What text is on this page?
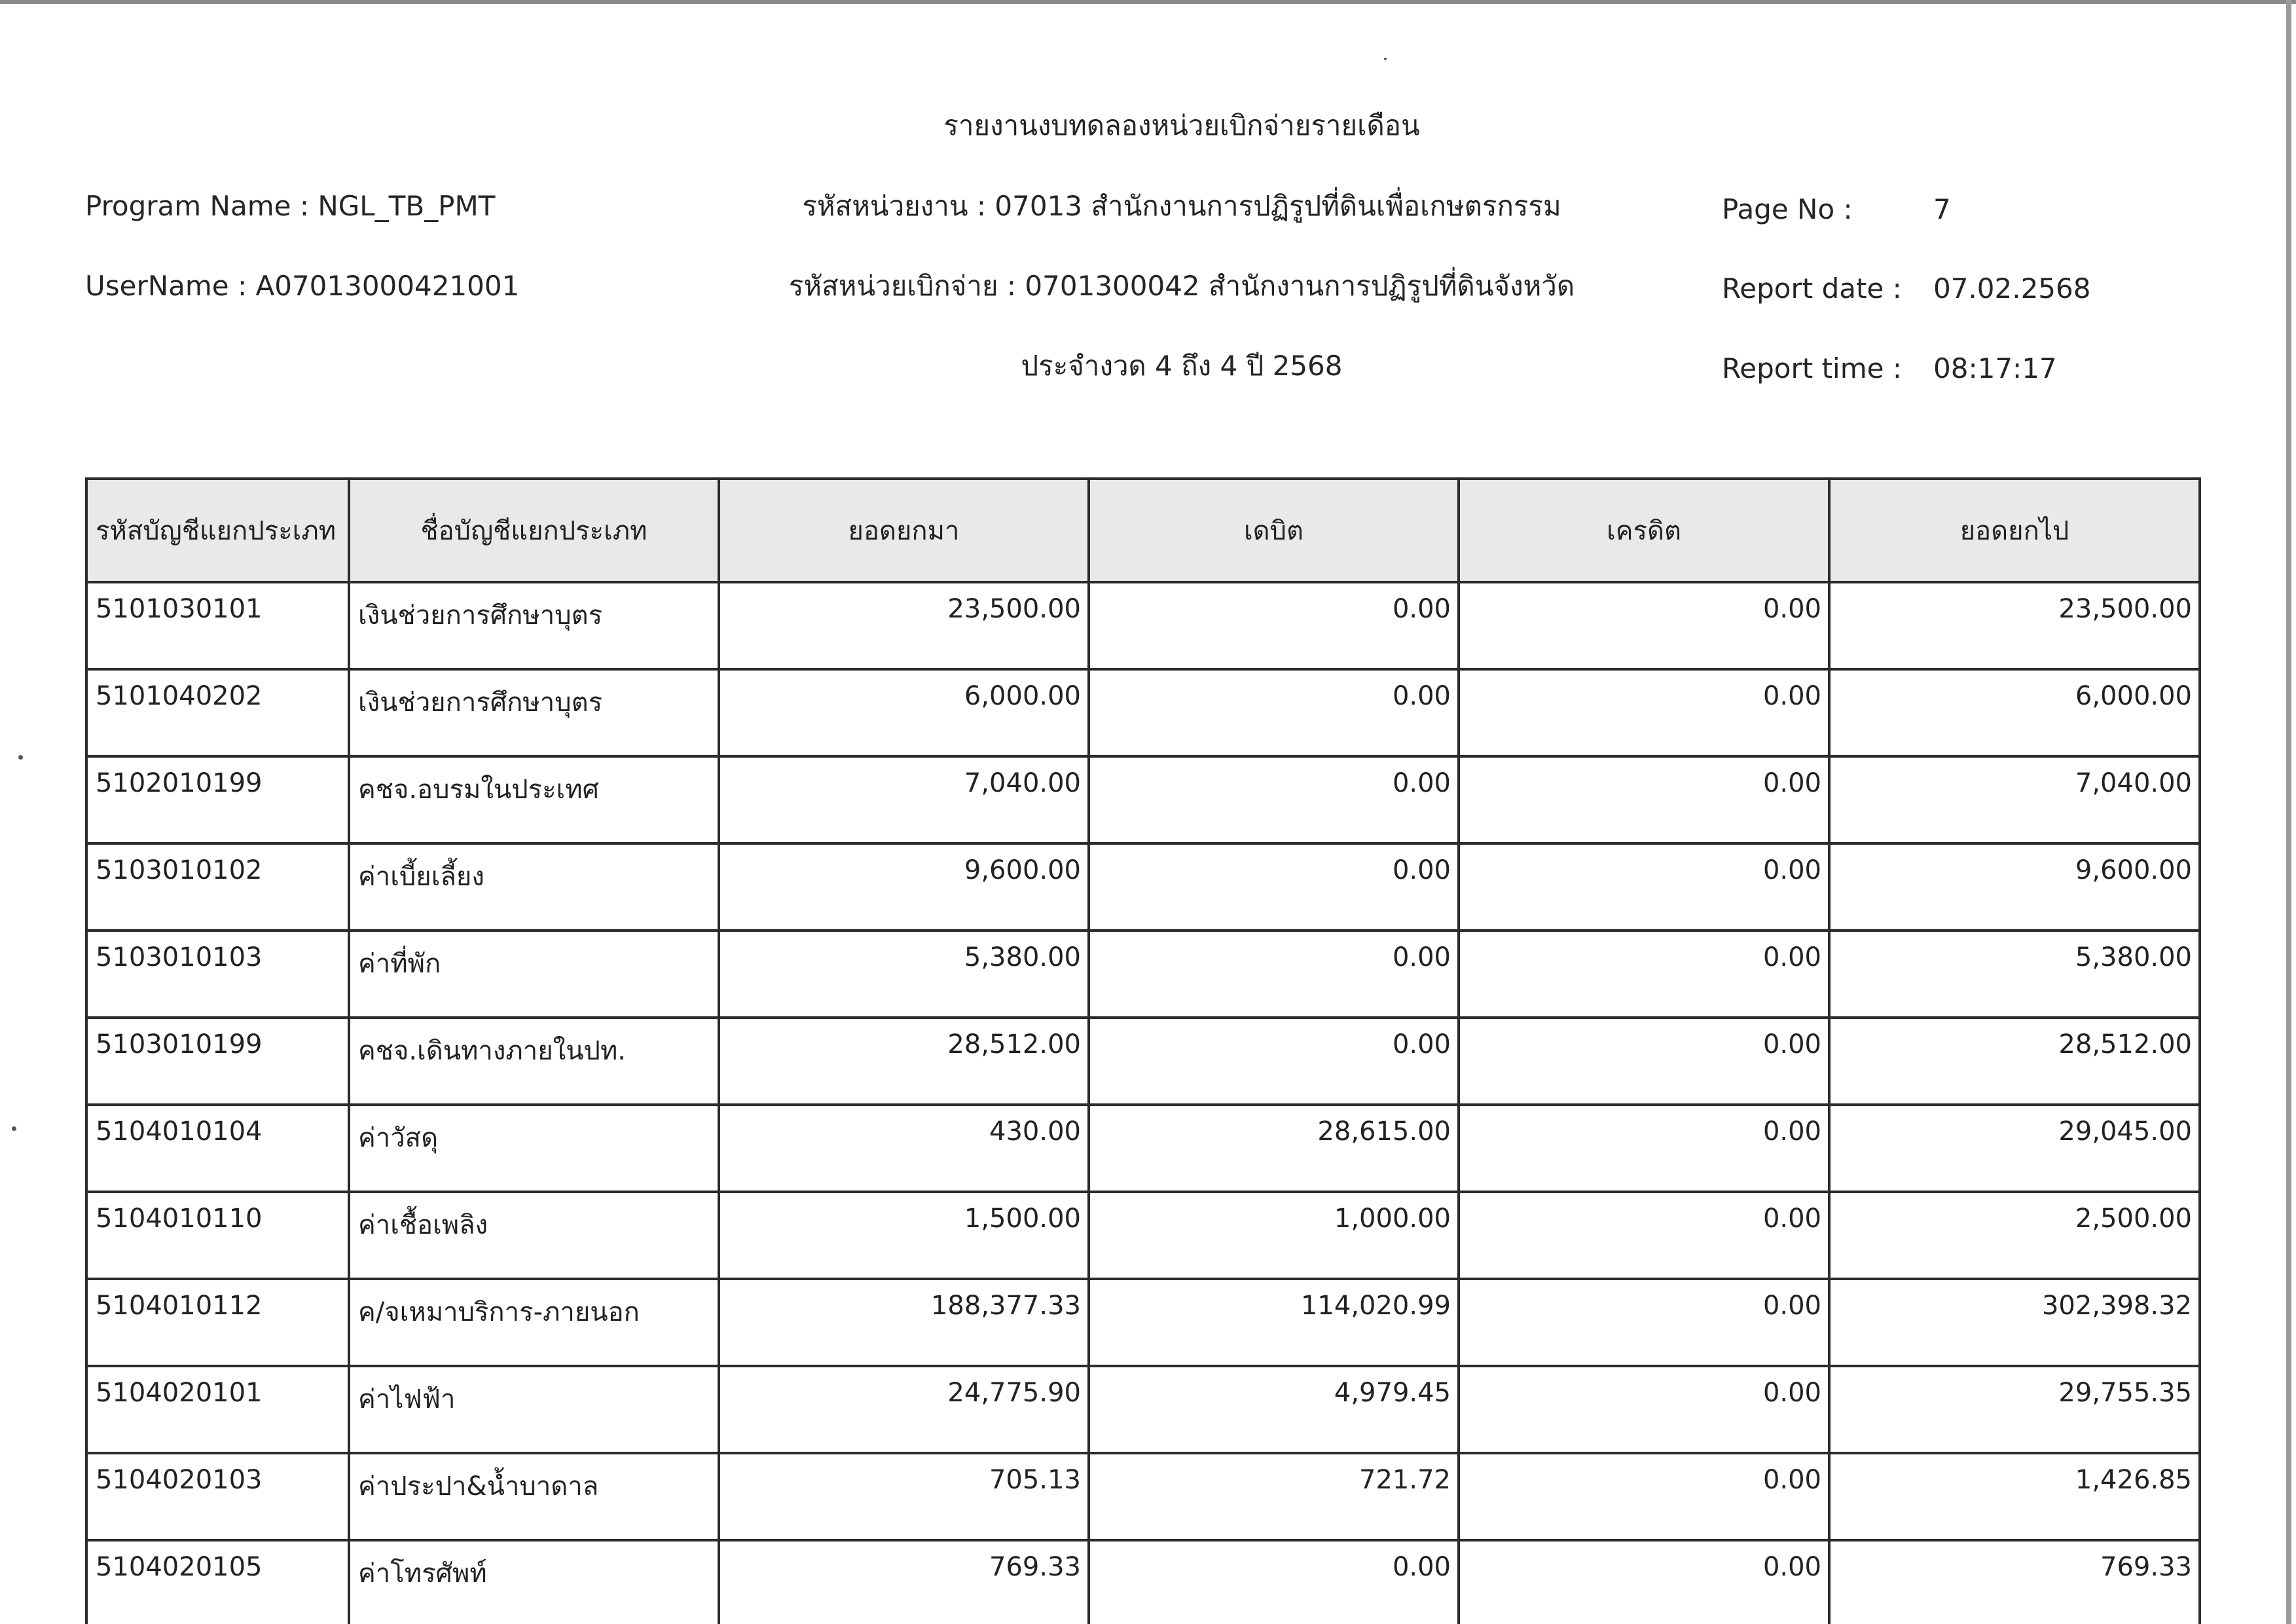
รายงานงบทดลองหน่วยเบิกจ่ายรายเดือน
Program Name : NGL_TB_PMT
UserName : A07013000421001
รหัสหน่วยงาน : 07013 สำนักงานการปฏิรูปที่ดินเพื่อเกษตรกรรม
รหัสหน่วยเบิกจ่าย : 0701300042 สำนักงานการปฏิรูปที่ดินจังหวัด
ประจำงวด 4 ถึง 4 ปี 2568
Page No :	7
Report date : 07.02.2568
Report time : 08:17:17
รหัสบัญชีแยกประเภท	ชื่อบัญชีแยกประเภท	ยอดยกมา	เดบิต	เครดิต	ยอดยกไป
5101030101	เงินช่วยการศึกษาบุตร	23,500.00	0.00	0.00	23,500.00
5101040202	เงินช่วยการศึกษาบุตร	6,000.00	0.00	0.00	6,000.00
5102010199	คชจ.อบรมในประเทศ	7,040.00	0.00	0.00	7,040.00
5103010102	ค่าเบี้ยเลี้ยง	9,600.00	0.00	0.00	9,600.00
5103010103	ค่าที่พัก	5,380.00	0.00	0.00	5,380.00
5103010199	คชจ.เดินทางภายในปท.	28,512.00	0.00	0.00	28,512.00
5104010104	ค่าวัสดุ	430.00	28,615.00	0.00	29,045.00
5104010110	ค่าเชื้อเพลิง	1,500.00	1,000.00	0.00	2,500.00
5104010112	ค/จเหมาบริการ-ภายนอก	188,377.33	114,020.99	0.00	302,398.32
5104020101	ค่าไฟฟ้า	24,775.90	4,979.45	0.00	29,755.35
5104020103	ค่าประปา&น้ำบาดาล	705.13	721.72	0.00	1,426.85
5104020105	ค่าโทรศัพท์	769.33	0.00	0.00	769.33
